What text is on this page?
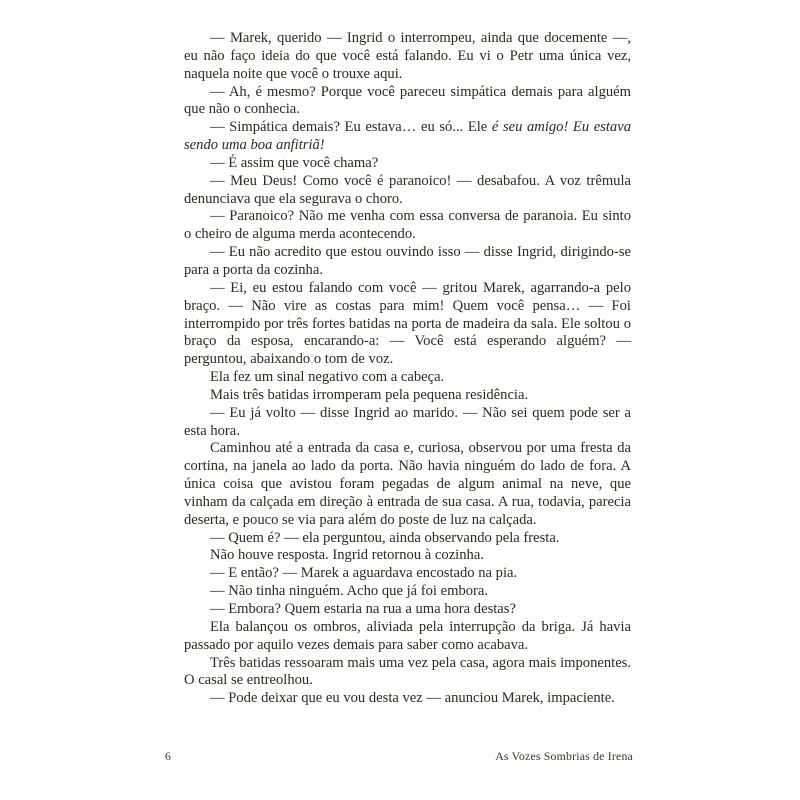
— Marek, querido — Ingrid o interrompeu, ainda que docemente —, eu não faço ideia do que você está falando. Eu vi o Petr uma única vez, naquela noite que você o trouxe aqui.

— Ah, é mesmo? Porque você pareceu simpática demais para alguém que não o conhecia.

— Simpática demais? Eu estava… eu só... Ele é seu amigo! Eu estava sendo uma boa anfitriã!

— É assim que você chama?

— Meu Deus! Como você é paranoico! — desabafou. A voz trêmula denunciava que ela segurava o choro.

— Paranoico? Não me venha com essa conversa de paranoia. Eu sinto o cheiro de alguma merda acontecendo.

— Eu não acredito que estou ouvindo isso — disse Ingrid, dirigindo-se para a porta da cozinha.

— Ei, eu estou falando com você — gritou Marek, agarrando-a pelo braço. — Não vire as costas para mim! Quem você pensa… — Foi interrompido por três fortes batidas na porta de madeira da sala. Ele soltou o braço da esposa, encarando-a: — Você está esperando alguém? — perguntou, abaixando o tom de voz.

Ela fez um sinal negativo com a cabeça.

Mais três batidas irromperam pela pequena residência.

— Eu já volto — disse Ingrid ao marido. — Não sei quem pode ser a esta hora.

Caminhou até a entrada da casa e, curiosa, observou por uma fresta da cortina, na janela ao lado da porta. Não havia ninguém do lado de fora. A única coisa que avistou foram pegadas de algum animal na neve, que vinham da calçada em direção à entrada de sua casa. A rua, todavia, parecia deserta, e pouco se via para além do poste de luz na calçada.

— Quem é? — ela perguntou, ainda observando pela fresta.

Não houve resposta. Ingrid retornou à cozinha.

— E então? — Marek a aguardava encostado na pia.

— Não tinha ninguém. Acho que já foi embora.

— Embora? Quem estaria na rua a uma hora destas?

Ela balançou os ombros, aliviada pela interrupção da briga. Já havia passado por aquilo vezes demais para saber como acabava.

Três batidas ressoaram mais uma vez pela casa, agora mais imponentes. O casal se entreolhou.

— Pode deixar que eu vou desta vez — anunciou Marek, impaciente.

6	As Vozes Sombrias de Irena
